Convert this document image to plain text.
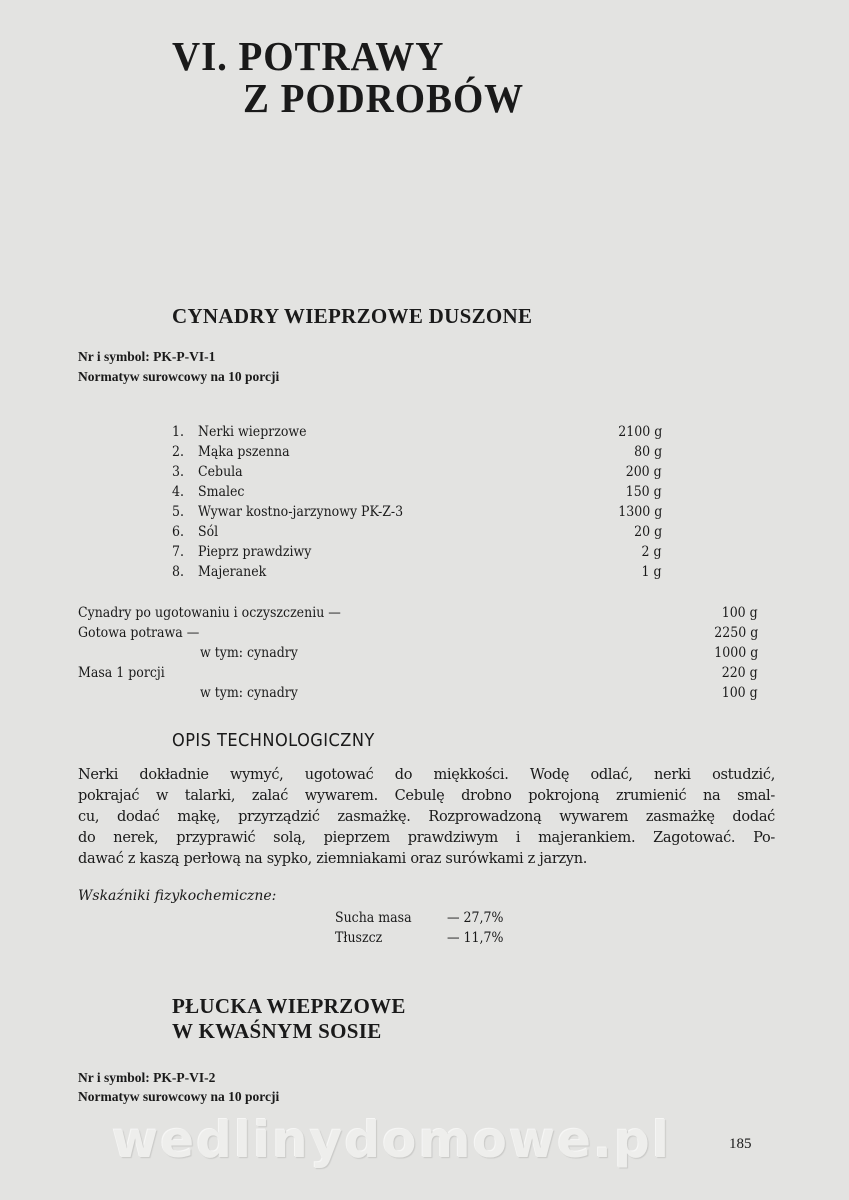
wedlinydomowe.pl
VI. POTRAWY
Z PODROBÓW
CYNADRY WIEPRZOWE DUSZONE
Nr i symbol: PK-P-VI-1
Normatyw surowcowy na 10 porcji
OPIS TECHNOLOGICZNY
Nerki dokładnie wymyć, ugotować do miękkości. Wodę odlać, nerki ostudzić,
pokrajać w talarki, zalać wywarem. Cebulę drobno pokrojoną zrumienić na smal-
cu, dodać mąkę, przyrządzić zasmażkę. Rozprowadzoną wywarem zasmażkę dodać
do nerek, przyprawić solą, pieprzem prawdziwym i majerankiem. Zagotować. Po-
dawać z kaszą perłową na sypko, ziemniakami oraz surówkami z jarzyn.
Wskaźniki fizykochemiczne:
PŁUCKA WIEPRZOWE
W KWAŚNYM SOSIE
Nr i symbol: PK-P-VI-2
Normatyw surowcowy na 10 porcji
185
1. Nerki wieprzowe	2100 g
2. Mąka pszenna	80 g
3. Cebula	200 g
4. Smalec	150 g
5. Wywar kostno-jarzynowy PK-Z-3	1300 g
6. Sól	20 g
7. Pieprz prawdziwy	2 g
8. Majeranek	1 g
Cynadry po ugotowaniu i oczyszczeniu —	100 g
Gotowa potrawa —	2250 g
w tym: cynadry	1000 g
Masa 1 porcji	220 g
w tym: cynadry	100 g
Sucha masa	— 27,7%
Tłuszcz	— 11,7%
